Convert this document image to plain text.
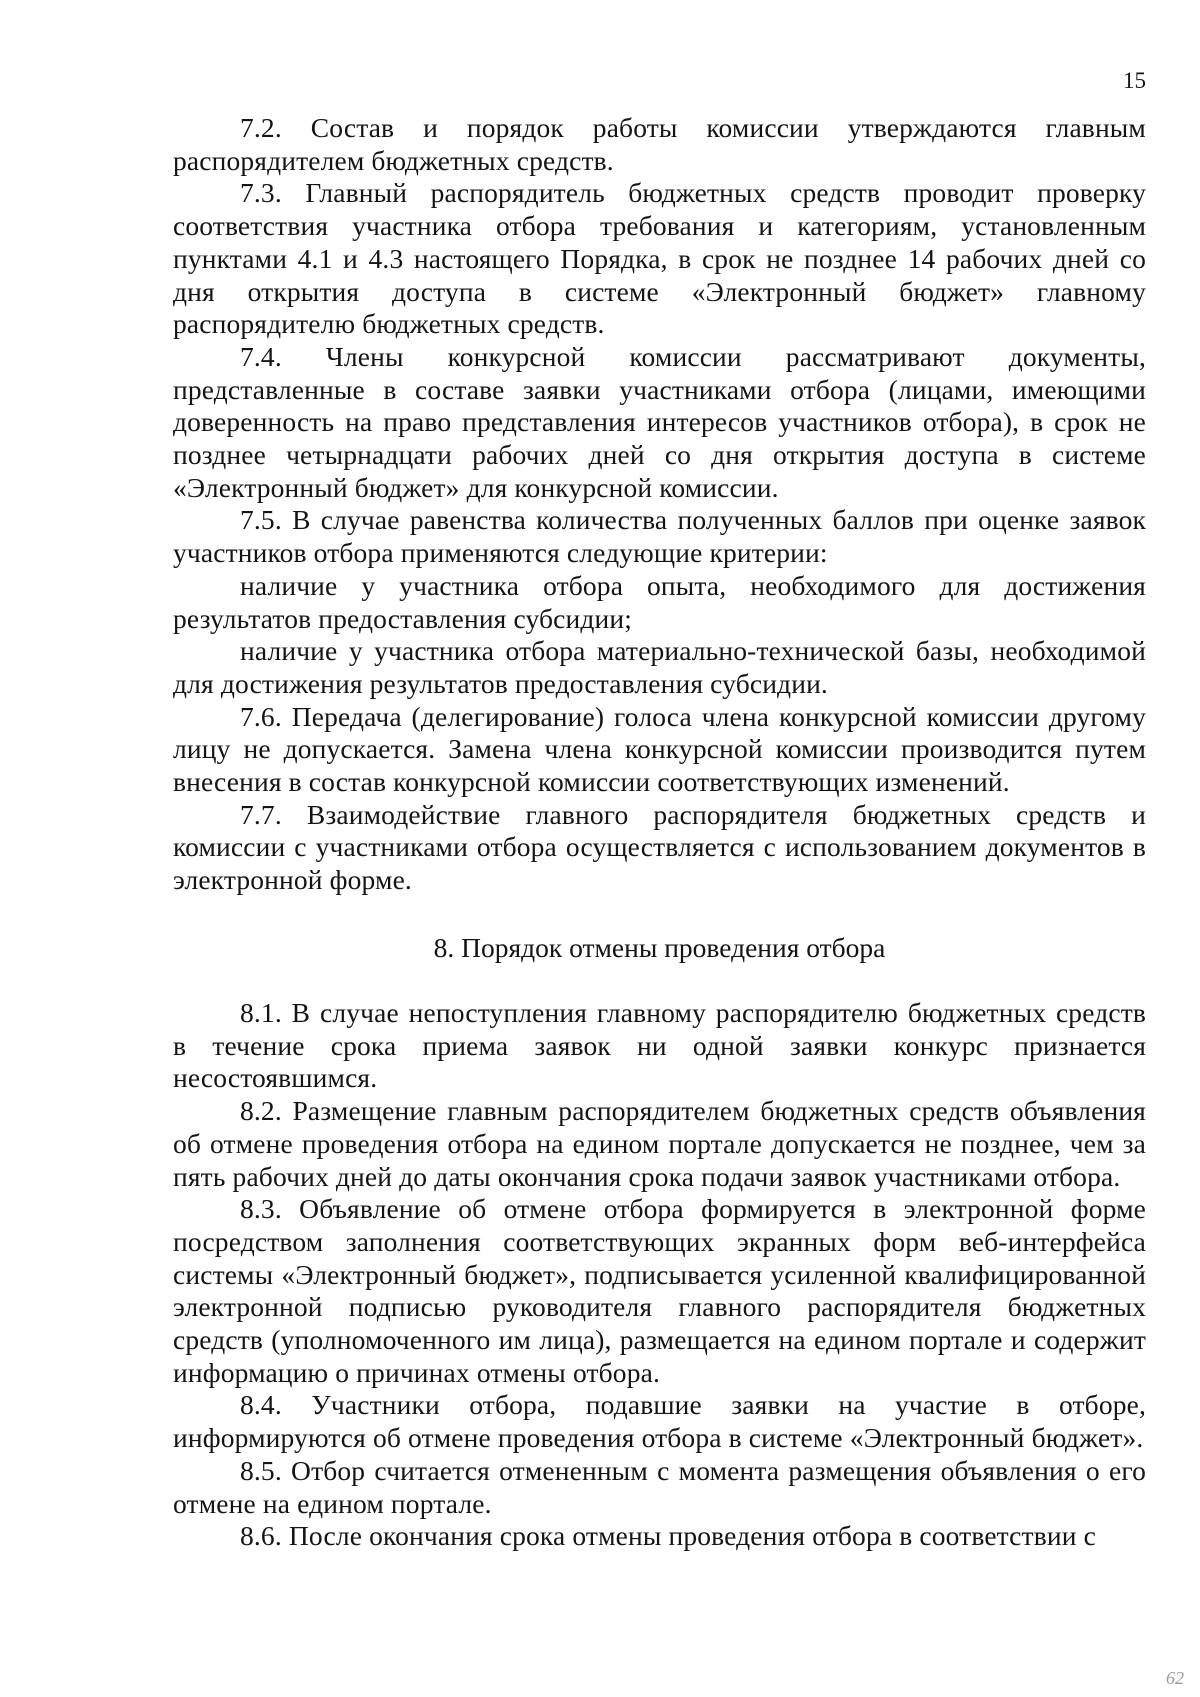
15

7.2. Состав и порядок работы комиссии утверждаются главным распорядителем бюджетных средств.

7.3. Главный распорядитель бюджетных средств проводит проверку соответствия участника отбора требования и категориям, установленным пунктами 4.1 и 4.3 настоящего Порядка, в срок не позднее 14 рабочих дней со дня открытия доступа в системе «Электронный бюджет» главному распорядителю бюджетных средств.

7.4. Члены конкурсной комиссии рассматривают документы, представленные в составе заявки участниками отбора (лицами, имеющими доверенность на право представления интересов участников отбора), в срок не позднее четырнадцати рабочих дней со дня открытия доступа в системе «Электронный бюджет» для конкурсной комиссии.

7.5. В случае равенства количества полученных баллов при оценке заявок участников отбора применяются следующие критерии:

наличие у участника отбора опыта, необходимого для достижения результатов предоставления субсидии;

наличие у участника отбора материально-технической базы, необходимой для достижения результатов предоставления субсидии.

7.6. Передача (делегирование) голоса члена конкурсной комиссии другому лицу не допускается. Замена члена конкурсной комиссии производится путем внесения в состав конкурсной комиссии соответствующих изменений.

7.7. Взаимодействие главного распорядителя бюджетных средств и комиссии с участниками отбора осуществляется с использованием документов в электронной форме.

8. Порядок отмены проведения отбора

8.1. В случае непоступления главному распорядителю бюджетных средств в течение срока приема заявок ни одной заявки конкурс признается несостоявшимся.

8.2. Размещение главным распорядителем бюджетных средств объявления об отмене проведения отбора на едином портале допускается не позднее, чем за пять рабочих дней до даты окончания срока подачи заявок участниками отбора.

8.3. Объявление об отмене отбора формируется в электронной форме посредством заполнения соответствующих экранных форм веб-интерфейса системы «Электронный бюджет», подписывается усиленной квалифицированной электронной подписью руководителя главного распорядителя бюджетных средств (уполномоченного им лица), размещается на едином портале и содержит информацию о причинах отмены отбора.

8.4. Участники отбора, подавшие заявки на участие в отборе, информируются об отмене проведения отбора в системе «Электронный бюджет».

8.5. Отбор считается отмененным с момента размещения объявления о его отмене на едином портале.

8.6. После окончания срока отмены проведения отбора в соответствии с

62
